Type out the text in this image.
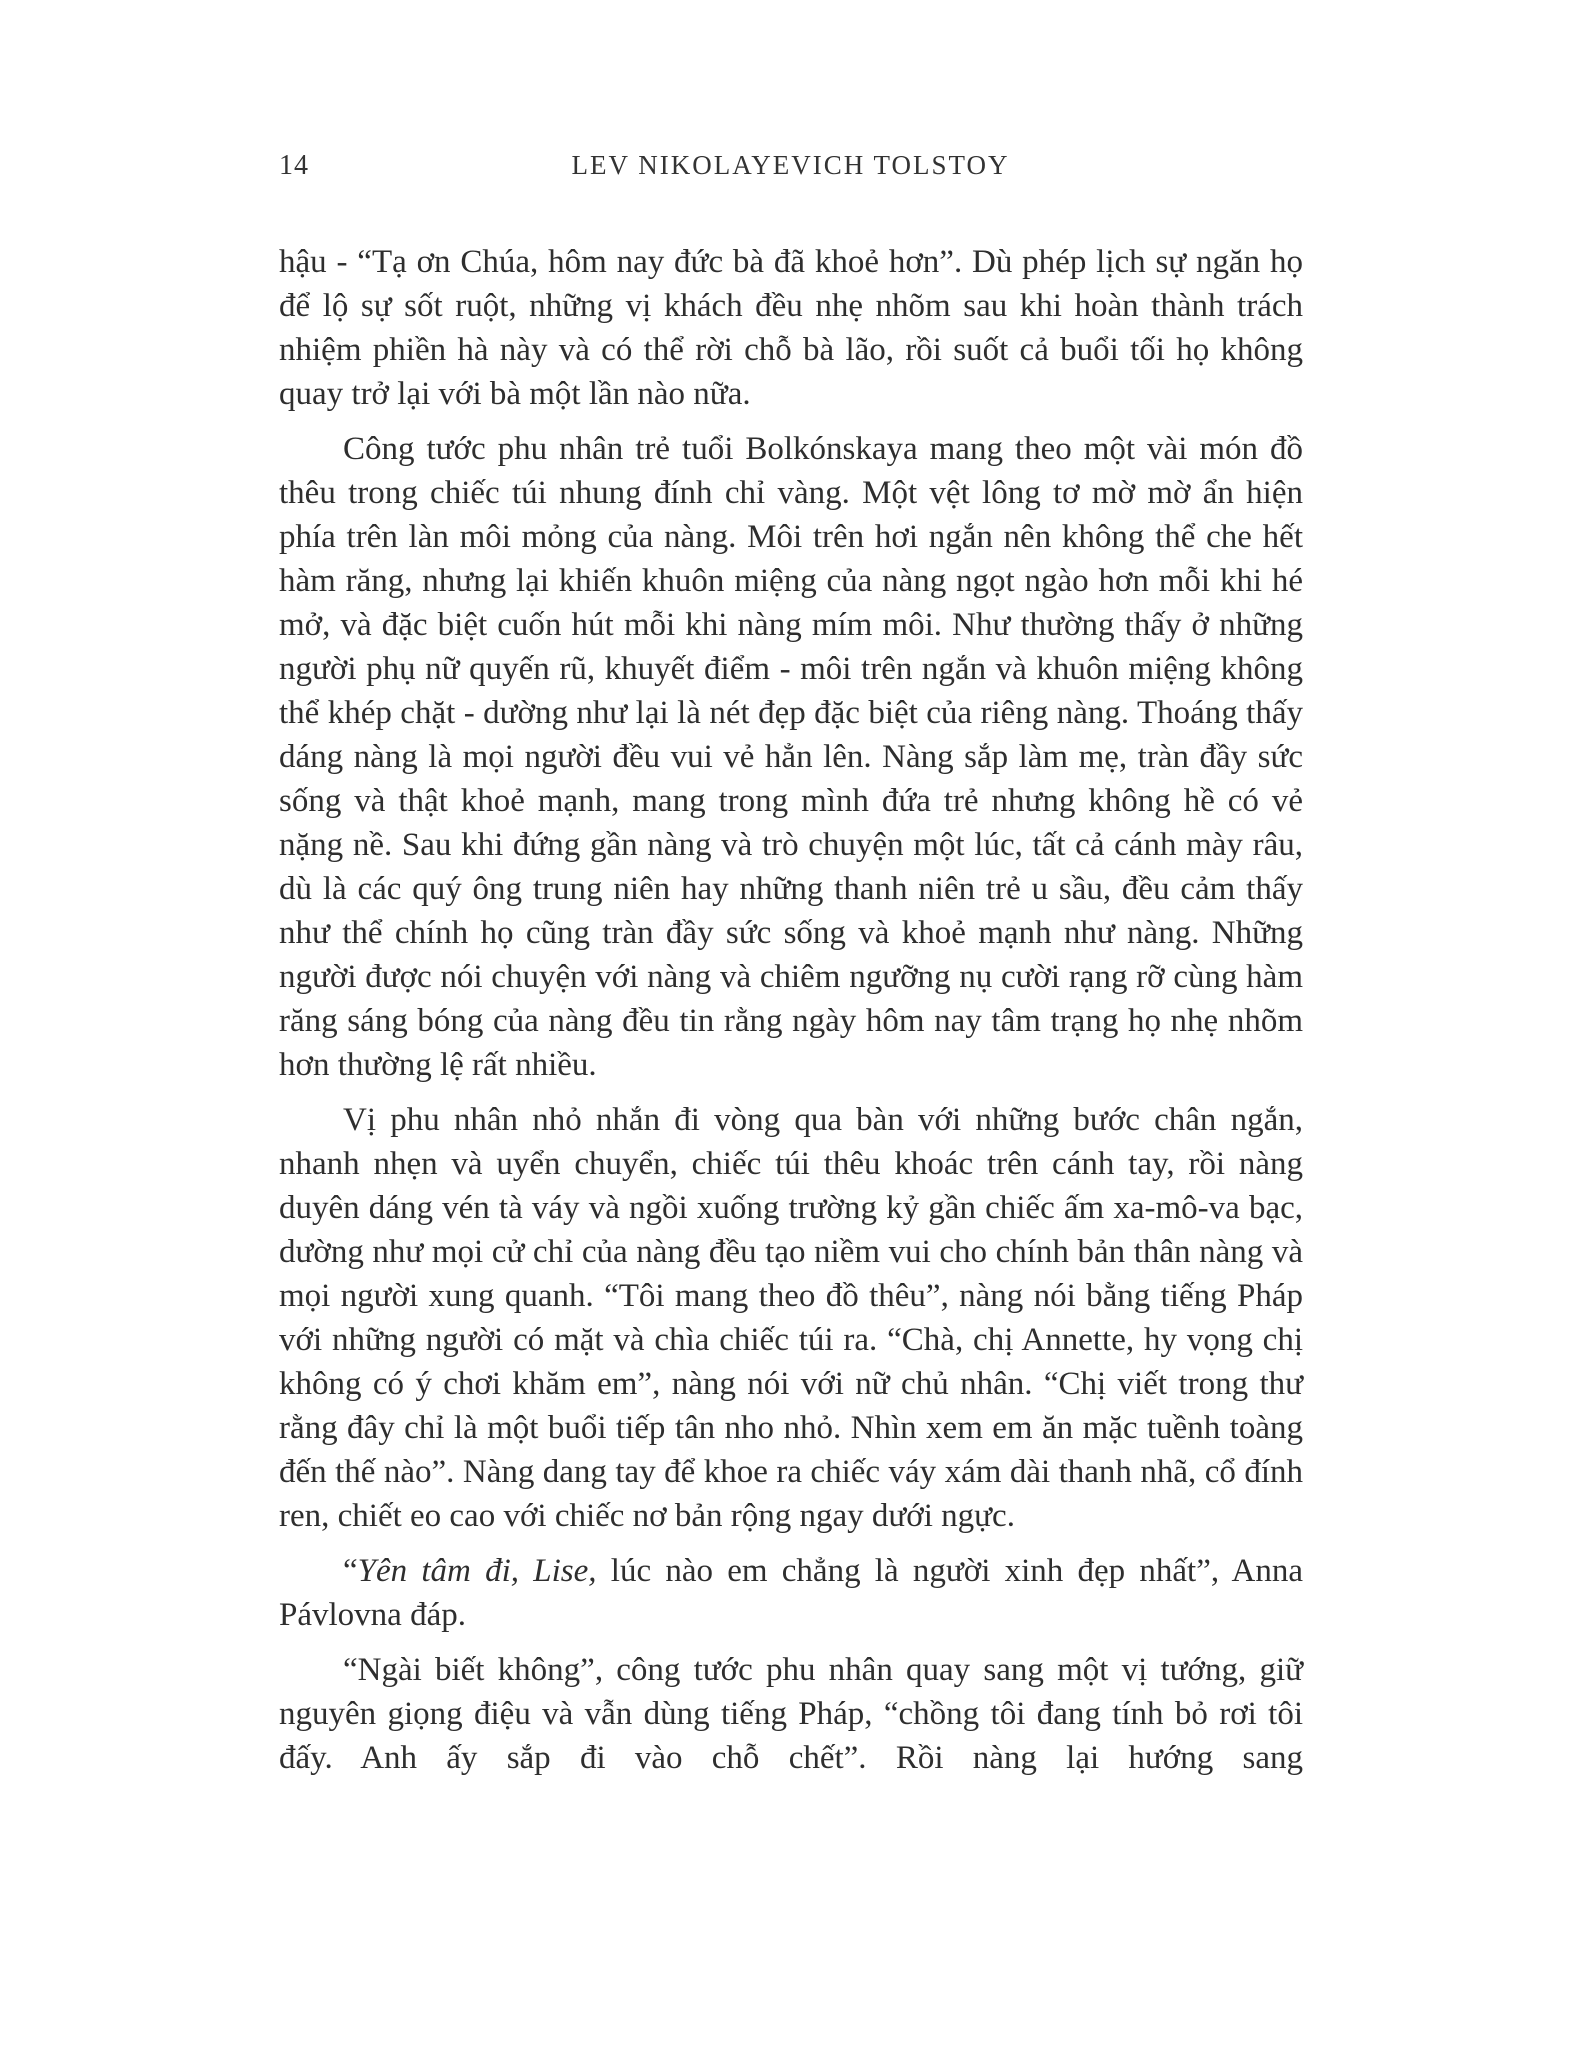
14	LEV NIKOLAYEVICH TOLSTOY

hậu - “Tạ ơn Chúa, hôm nay đức bà đã khoẻ hơn”. Dù phép lịch sự ngăn họ để lộ sự sốt ruột, những vị khách đều nhẹ nhõm sau khi hoàn thành trách nhiệm phiền hà này và có thể rời chỗ bà lão, rồi suốt cả buổi tối họ không quay trở lại với bà một lần nào nữa.

Công tước phu nhân trẻ tuổi Bolkónskaya mang theo một vài món đồ thêu trong chiếc túi nhung đính chỉ vàng. Một vệt lông tơ mờ mờ ẩn hiện phía trên làn môi mỏng của nàng. Môi trên hơi ngắn nên không thể che hết hàm răng, nhưng lại khiến khuôn miệng của nàng ngọt ngào hơn mỗi khi hé mở, và đặc biệt cuốn hút mỗi khi nàng mím môi. Như thường thấy ở những người phụ nữ quyến rũ, khuyết điểm - môi trên ngắn và khuôn miệng không thể khép chặt - dường như lại là nét đẹp đặc biệt của riêng nàng. Thoáng thấy dáng nàng là mọi người đều vui vẻ hẳn lên. Nàng sắp làm mẹ, tràn đầy sức sống và thật khoẻ mạnh, mang trong mình đứa trẻ nhưng không hề có vẻ nặng nề. Sau khi đứng gần nàng và trò chuyện một lúc, tất cả cánh mày râu, dù là các quý ông trung niên hay những thanh niên trẻ u sầu, đều cảm thấy như thể chính họ cũng tràn đầy sức sống và khoẻ mạnh như nàng. Những người được nói chuyện với nàng và chiêm ngưỡng nụ cười rạng rỡ cùng hàm răng sáng bóng của nàng đều tin rằng ngày hôm nay tâm trạng họ nhẹ nhõm hơn thường lệ rất nhiều.

Vị phu nhân nhỏ nhắn đi vòng qua bàn với những bước chân ngắn, nhanh nhẹn và uyển chuyển, chiếc túi thêu khoác trên cánh tay, rồi nàng duyên dáng vén tà váy và ngồi xuống trường kỷ gần chiếc ấm xa-mô-va bạc, dường như mọi cử chỉ của nàng đều tạo niềm vui cho chính bản thân nàng và mọi người xung quanh. “Tôi mang theo đồ thêu”, nàng nói bằng tiếng Pháp với những người có mặt và chìa chiếc túi ra. “Chà, chị Annette, hy vọng chị không có ý chơi khăm em”, nàng nói với nữ chủ nhân. “Chị viết trong thư rằng đây chỉ là một buổi tiếp tân nho nhỏ. Nhìn xem em ăn mặc tuềnh toàng đến thế nào”. Nàng dang tay để khoe ra chiếc váy xám dài thanh nhã, cổ đính ren, chiết eo cao với chiếc nơ bản rộng ngay dưới ngực.

“Yên tâm đi, Lise, lúc nào em chẳng là người xinh đẹp nhất”, Anna Pávlovna đáp.

“Ngài biết không”, công tước phu nhân quay sang một vị tướng, giữ nguyên giọng điệu và vẫn dùng tiếng Pháp, “chồng tôi đang tính bỏ rơi tôi đấy. Anh ấy sắp đi vào chỗ chết”. Rồi nàng lại hướng sang
